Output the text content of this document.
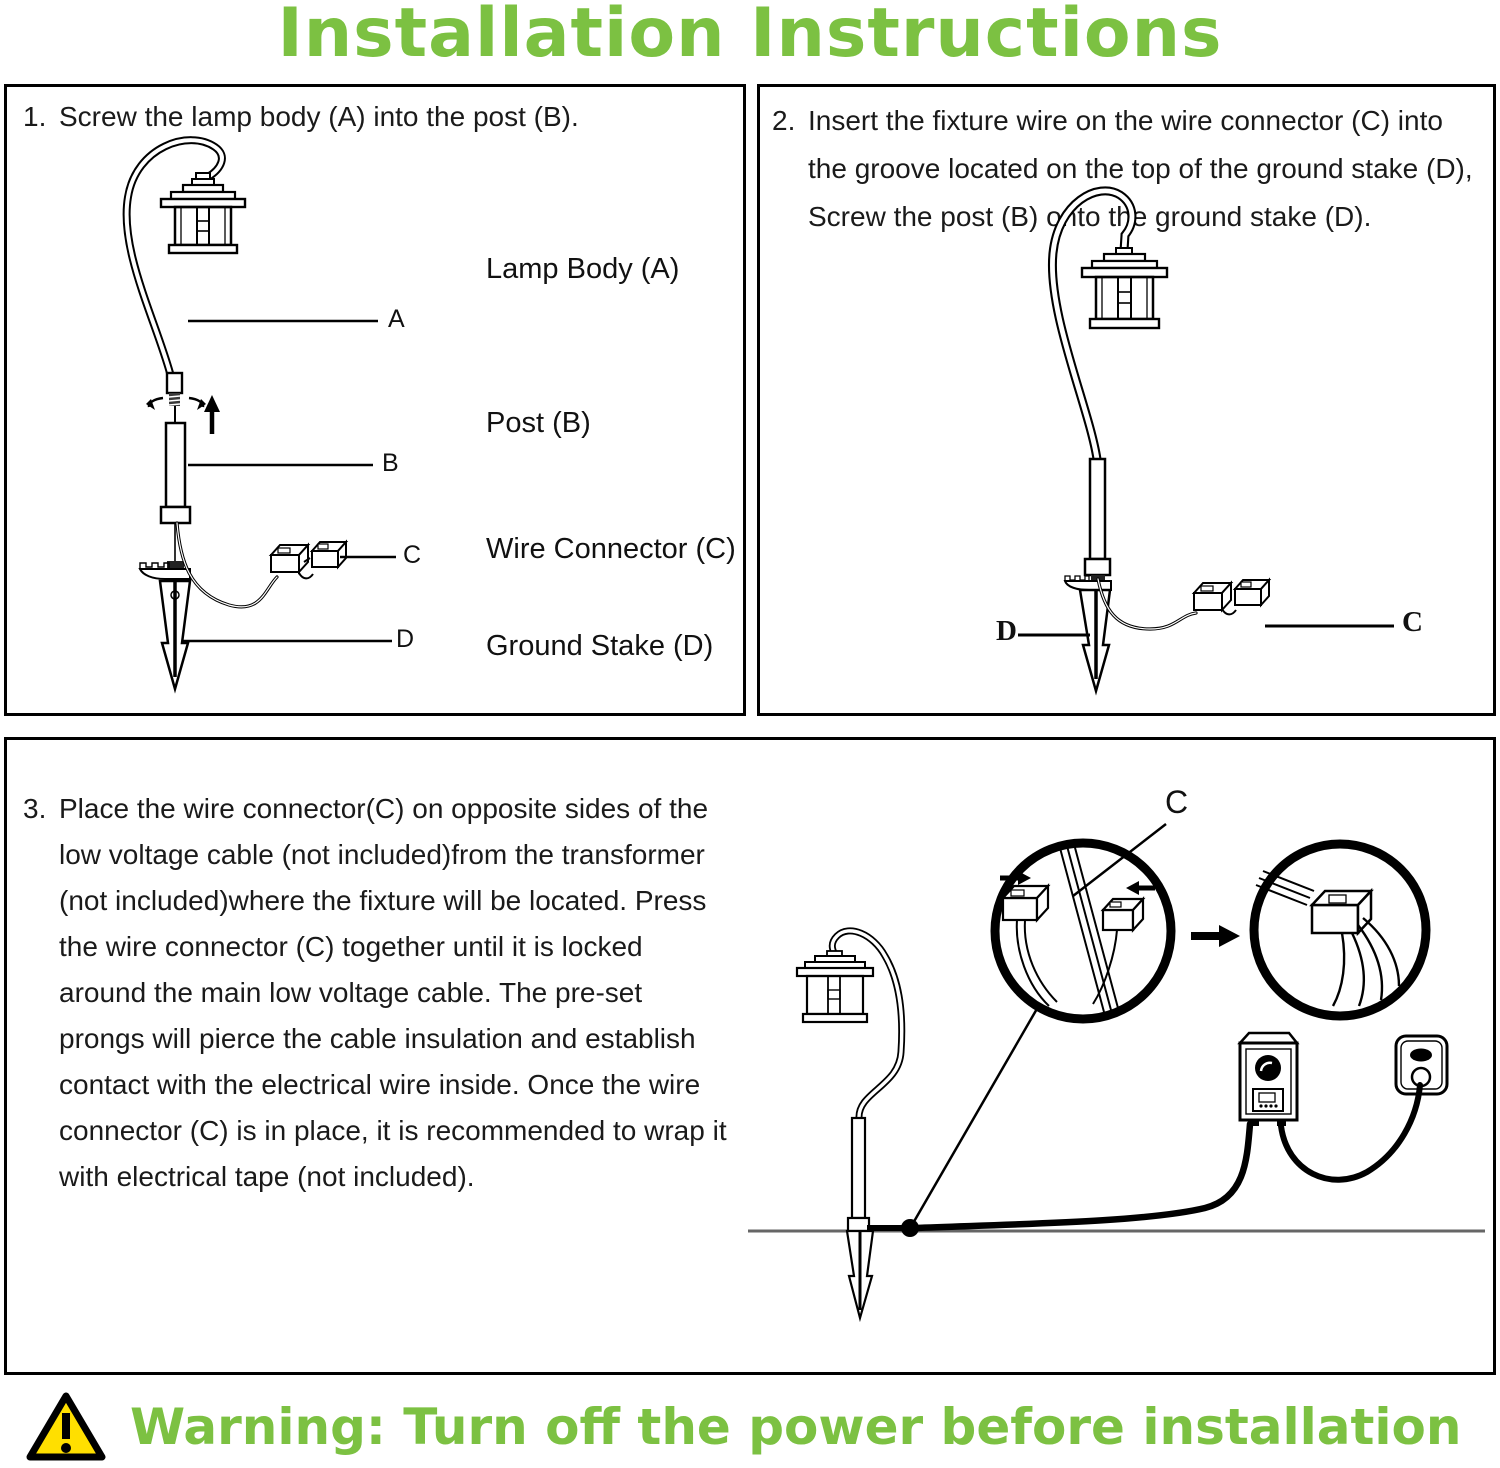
Installation Instructions
1. Screw the lamp body (A) into the post (B).
A
B
C
D
Lamp Body (A)
Post (B)
Wire Connector (C)
Ground Stake (D)
2. Insert the fixture wire on the wire connector (C) into the groove located on the top of the ground stake (D), Screw the post (B) onto the ground stake (D).
D	C
3. Place the wire connector(C) on opposite sides of the low voltage cable (not included)from the transformer (not included)where the fixture will be located. Press the wire connector (C) together until it is locked around the main low voltage cable. The pre-set prongs will pierce the cable insulation and establish contact with the electrical wire inside. Once the wire connector (C) is in place, it is recommended to wrap it with electrical tape (not included).
C
Warning: Turn off the power before installation
